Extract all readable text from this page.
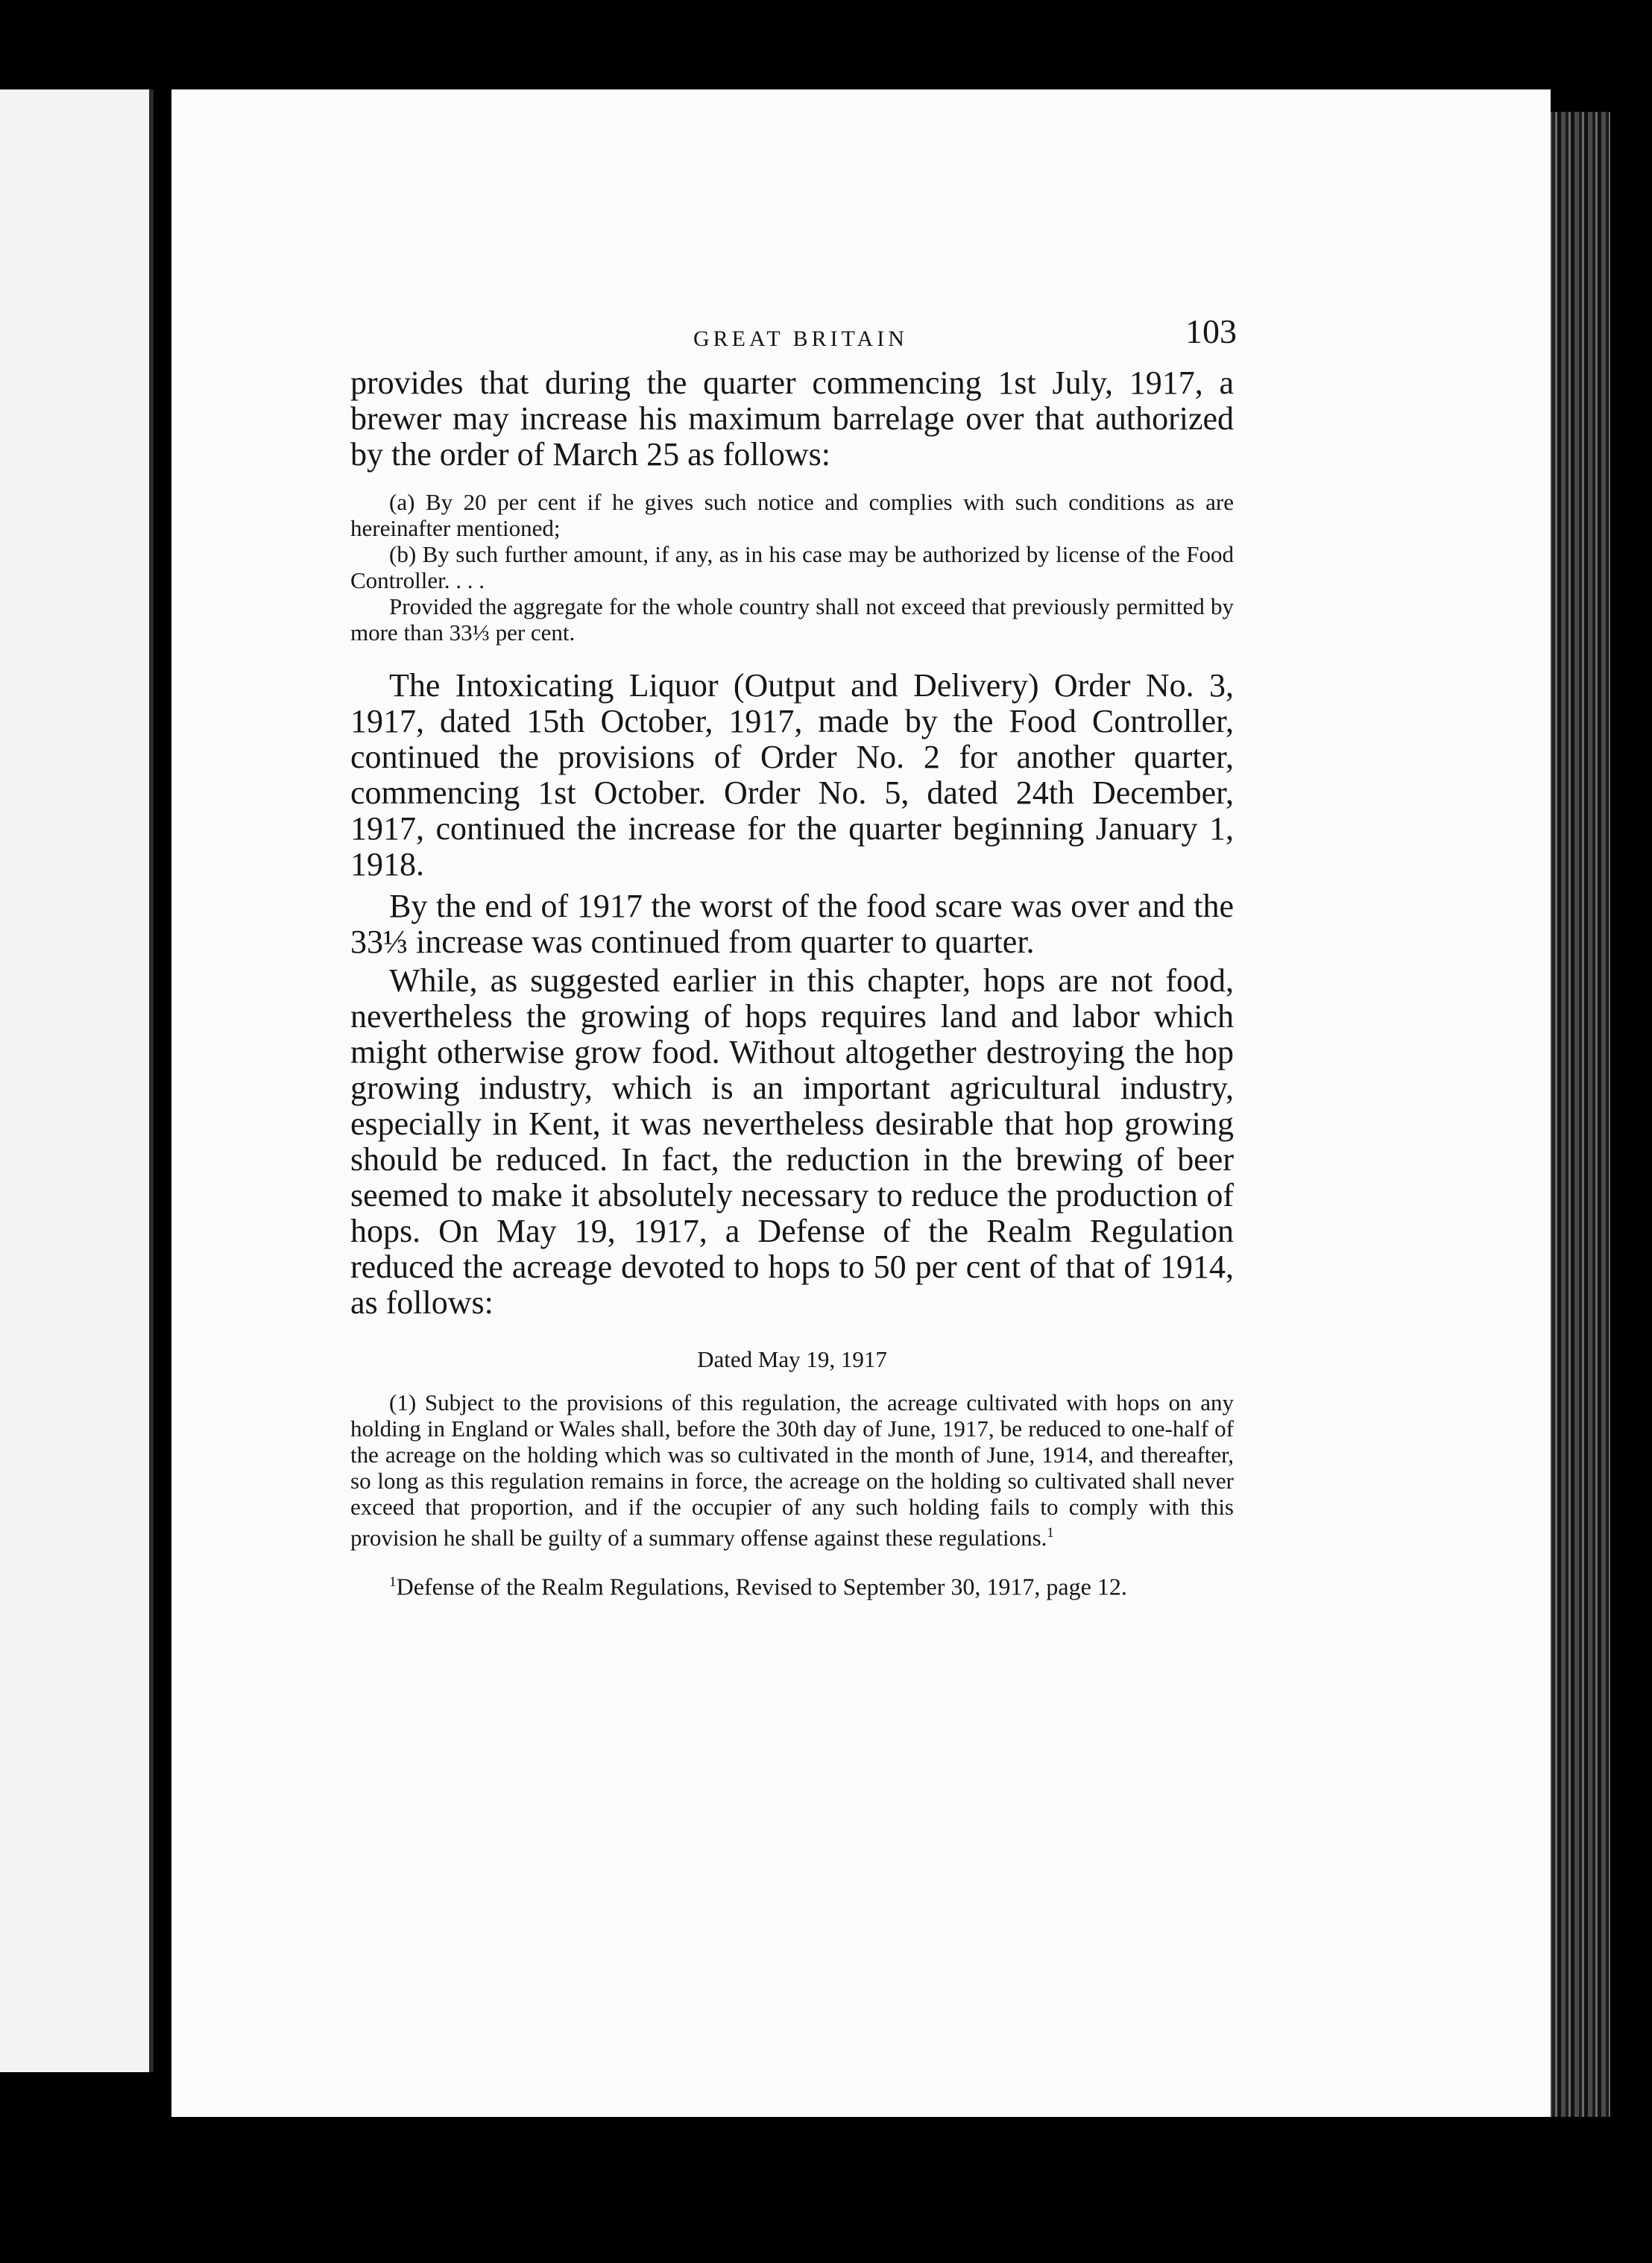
GREAT BRITAIN	103

provides that during the quarter commencing 1st July, 1917, a brewer may increase his maximum barrelage over that authorized by the order of March 25 as follows:

(a) By 20 per cent if he gives such notice and complies with such conditions as are hereinafter mentioned;

(b) By such further amount, if any, as in his case may be authorized by license of the Food Controller. . . .

Provided the aggregate for the whole country shall not exceed that previously permitted by more than 33⅓ per cent.

The Intoxicating Liquor (Output and Delivery) Order No. 3, 1917, dated 15th October, 1917, made by the Food Controller, continued the provisions of Order No. 2 for another quarter, commencing 1st October. Order No. 5, dated 24th December, 1917, continued the increase for the quarter beginning January 1, 1918.

By the end of 1917 the worst of the food scare was over and the 33⅓ increase was continued from quarter to quarter.

While, as suggested earlier in this chapter, hops are not food, nevertheless the growing of hops requires land and labor which might otherwise grow food. Without altogether destroying the hop growing industry, which is an important agricultural industry, especially in Kent, it was nevertheless desirable that hop growing should be reduced. In fact, the reduction in the brewing of beer seemed to make it absolutely necessary to reduce the production of hops. On May 19, 1917, a Defense of the Realm Regulation reduced the acreage devoted to hops to 50 per cent of that of 1914, as follows:

Dated May 19, 1917

(1) Subject to the provisions of this regulation, the acreage cultivated with hops on any holding in England or Wales shall, before the 30th day of June, 1917, be reduced to one-half of the acreage on the holding which was so cultivated in the month of June, 1914, and thereafter, so long as this regulation remains in force, the acreage on the holding so cultivated shall never exceed that proportion, and if the occupier of any such holding fails to comply with this provision he shall be guilty of a summary offense against these regulations.$^1$

$^1$Defense of the Realm Regulations, Revised to September 30, 1917, page 12.
